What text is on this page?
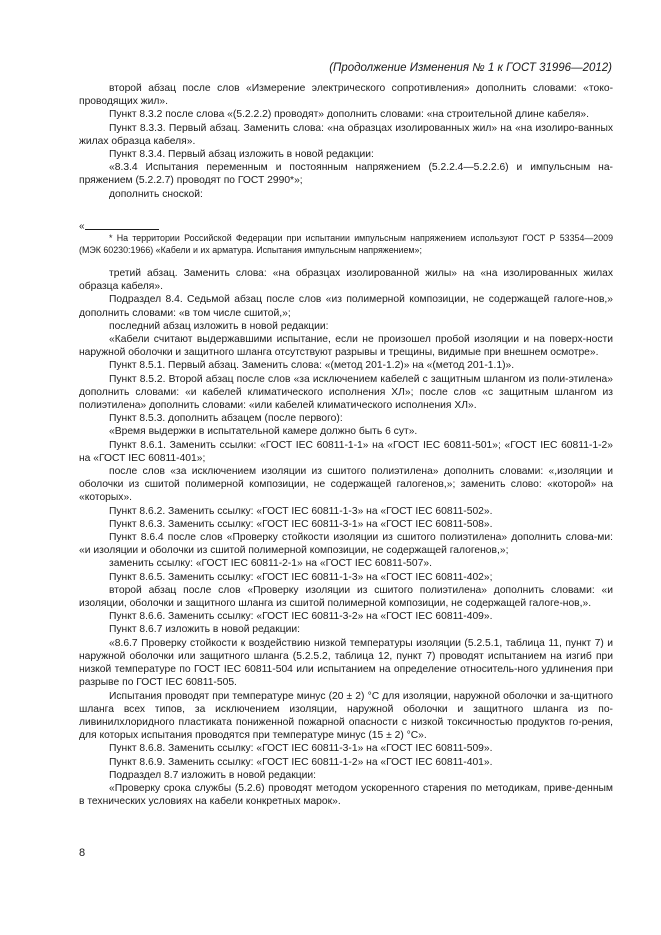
(Продолжение Изменения № 1 к ГОСТ 31996—2012)

второй абзац после слов «Измерение электрического сопротивления» дополнить словами: «токо-проводящих жил».

Пункт 8.3.2 после слова «(5.2.2.2) проводят» дополнить словами: «на строительной длине кабеля».

Пункт 8.3.3. Первый абзац. Заменить слова: «на образцах изолированных жил» на «на изолиро-ванных жилах образца кабеля».

Пункт 8.3.4. Первый абзац изложить в новой редакции:

«8.3.4 Испытания переменным и постоянным напряжением (5.2.2.4—5.2.2.6) и импульсным на-пряжением (5.2.2.7) проводят по ГОСТ 2990*»;

дополнить сноской:

«

* На территории Российской Федерации при испытании импульсным напряжением используют ГОСТ Р 53354—2009 (МЭК 60230:1966) «Кабели и их арматура. Испытания импульсным напряжением»;

третий абзац. Заменить слова: «на образцах изолированной жилы» на «на изолированных жилах образца кабеля».

Подраздел 8.4. Седьмой абзац после слов «из полимерной композиции, не содержащей галоге-нов,» дополнить словами: «в том числе сшитой,»;

последний абзац изложить в новой редакции:

«Кабели считают выдержавшими испытание, если не произошел пробой изоляции и на поверх-ности наружной оболочки и защитного шланга отсутствуют разрывы и трещины, видимые при внешнем осмотре».

Пункт 8.5.1. Первый абзац. Заменить слова: «(метод 201-1.2)» на «(метод 201-1.1)».

Пункт 8.5.2. Второй абзац после слов «за исключением кабелей с защитным шлангом из поли-этилена» дополнить словами: «и кабелей климатического исполнения ХЛ»; после слов «с защитным шлангом из полиэтилена» дополнить словами: «или кабелей климатического исполнения ХЛ».

Пункт 8.5.3. дополнить абзацем (после первого):

«Время выдержки в испытательной камере должно быть 6 сут».

Пункт 8.6.1. Заменить ссылки: «ГОСТ IEC 60811-1-1» на «ГОСТ IEC 60811-501»; «ГОСТ IEC 60811-1-2» на «ГОСТ IEC 60811-401»;

после слов «за исключением изоляции из сшитого полиэтилена» дополнить словами: «,изоляции и оболочки из сшитой полимерной композиции, не содержащей галогенов,»; заменить слово: «которой» на «которых».

Пункт 8.6.2. Заменить ссылку: «ГОСТ IEC 60811-1-3» на «ГОСТ IEC 60811-502».

Пункт 8.6.3. Заменить ссылку: «ГОСТ IEC 60811-3-1» на «ГОСТ IEC 60811-508».

Пункт 8.6.4 после слов «Проверку стойкости изоляции из сшитого полиэтилена» дополнить слова-ми: «и изоляции и оболочки из сшитой полимерной композиции, не содержащей галогенов,»;

заменить ссылку: «ГОСТ IEC 60811-2-1» на «ГОСТ IEC 60811-507».

Пункт 8.6.5. Заменить ссылку: «ГОСТ IEC 60811-1-3» на «ГОСТ IEC 60811-402»;

второй абзац после слов «Проверку изоляции из сшитого полиэтилена» дополнить словами: «и изоляции, оболочки и защитного шланга из сшитой полимерной композиции, не содержащей галоге-нов,».

Пункт 8.6.6. Заменить ссылку: «ГОСТ IEC 60811-3-2» на «ГОСТ IEC 60811-409».

Пункт 8.6.7 изложить в новой редакции:

«8.6.7 Проверку стойкости к воздействию низкой температуры изоляции (5.2.5.1, таблица 11, пункт 7) и наружной оболочки или защитного шланга (5.2.5.2, таблица 12, пункт 7) проводят испытанием на изгиб при низкой температуре по ГОСТ IEC 60811-504 или испытанием на определение относитель-ного удлинения при разрыве по ГОСТ IEC 60811-505.

Испытания проводят при температуре минус (20 ± 2) °С для изоляции, наружной оболочки и за-щитного шланга всех типов, за исключением изоляции, наружной оболочки и защитного шланга из по-ливинилхлоридного пластиката пониженной пожарной опасности с низкой токсичностью продуктов го-рения, для которых испытания проводятся при температуре минус (15 ± 2) °С».

Пункт 8.6.8. Заменить ссылку: «ГОСТ IEC 60811-3-1» на «ГОСТ IEC 60811-509».

Пункт 8.6.9. Заменить ссылку: «ГОСТ IEC 60811-1-2» на «ГОСТ IEC 60811-401».

Подраздел 8.7 изложить в новой редакции:

«Проверку срока службы (5.2.6) проводят методом ускоренного старения по методикам, приве-денным в технических условиях на кабели конкретных марок».

8
